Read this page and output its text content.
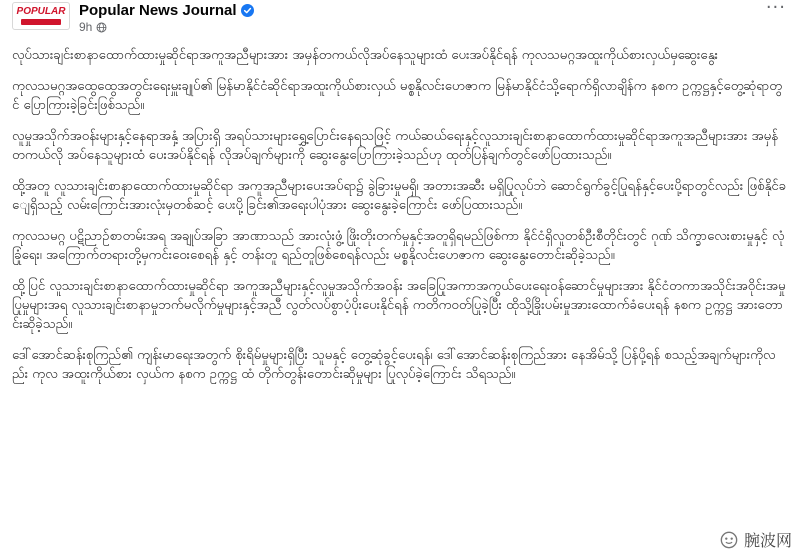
POPULAR Popular News Journal
9h
···

လုပ်သားချင်းစာနာထောက်ထားမှုဆိုင်ရာအကူအညီများအား အမှန်တကယ်လိုအပ်နေသူများထံ ပေးအပ်နိုင်ရန် ကုလသမဂ္ဂအထူးကိုယ်စားလှယ်မှဆွေးနွေး

ကုလသမဂ္ဂအထွေထွေအတွင်းရေးမှူးချုပ်၏ မြန်မာနိုင်ငံဆိုင်ရာအထူးကိုယ်စားလှယ် မစ္စနိုလင်းဟေဇာက မြန်မာနိုင်ငံသို့ရောက်ရှိလာချိန်က နစက ဥက္ကဋ္ဌနှင့်တွေ့ဆုံရာတွင် ပြောကြားခဲ့ခြင်းဖြစ်သည်။

လူမှုအသိုက်အဝန်းများနှင့်နေရာအနှံ့ အပြားရှိ အရပ်သားများရွှေ့ပြောင်းနေရသဖြင့် ကယ်ဆယ်ရေးနှင့်လူသားချင်းစာနာထောက်ထားမှုဆိုင်ရာအကူအညီများအား အမှန်တကယ်လို အပ်နေသူများထံ ပေးအပ်နိုင်ရန် လိုအပ်ချက်များကို ဆွေးနွေးပြောကြားခဲ့သည်ဟု ထုတ်ပြန်ချက်တွင်ဖော်ပြထားသည်။

ထို့အတူ လူသားချင်းစာနာထောက်ထားမှုဆိုင်ရာ အကူအညီများပေးအပ်ရာ၌ ခွဲခြားမှုမရှိ၊ အတားအဆီး မရှိပြုလုပ်ဘဲ ဆောင်ရွက်ခွင့်ပြုရန်နှင့်ပေးပို့ရာတွင်လည်း ဖြစ်နိုင်ချေရှိသည့် လမ်းကြောင်းအားလုံးမှတစ်ဆင့် ပေးပို့ခြင်း၏အရေးပါပုံအား ဆွေးနွေးခဲ့ကြောင်း ဖော်ပြထားသည်။

ကုလသမဂ္ဂ ပဋိညာဉ်စာတမ်းအရ အချုပ်အခြာ အာဏာသည် အားလုံးဖွံ့ ဖြိုးတိုးတက်မှုနှင့်အတူရှိရမည်ဖြစ်ကာ နိုင်ငံရှိလူတစ်ဦးစီတိုင်းတွင် ဂုဏ် သိက္ခာလေးစားမှုနှင့် လုံခြုံရေး၊ အကြောက်တရားတို့မှကင်းဝေးစေရန် နှင့် တန်းတူ ရည်တူဖြစ်စေရန်လည်း မစ္စနိုလင်းဟေဇာက ဆွေးနွေးတောင်းဆိုခဲ့သည်။

ထို့ပြင် လူသားချင်းစာနာထောက်ထားမှုဆိုင်ရာ အကူအညီများနှင့်လူမှုအသိုက်အဝန်း အခြေပြုအကာအကွယ်ပေးရေးဝန်ဆောင်မှုများအား နိုင်ငံတကာအသိုင်းအဝိုင်းအမှုပြုမှုများအရ လူသားချင်းစာနာမှုဘက်မလိုက်မှုများနှင့်အညီ လွတ်လပ်စွာပံ့ပိုးပေးနိုင်ရန် ကတိကဝတ်ပြုခဲ့ပြီး ထိုသို့ခြိုးပမ်းမှုအားထောက်ခံပေးရန် နစက ဥက္ကဋ္ဌ အားတောင်းဆိုခဲ့သည်။

ဒေါ်အောင်ဆန်းစုကြည်၏ ကျန်းမာရေးအတွက် စိုးရိမ်မှုများရှိပြီး သူမနှင့် တွေ့ဆုံခွင့်ပေးရန်၊ ဒေါ်အောင်ဆန်းစုကြည်အား နေအိမ်သို့ ပြန်ပို့ရန် စသည့်အချက်များကိုလည်း ကုလ အထူးကိုယ်စား လှယ်က နစက ဥက္ကဋ္ဌ ထံ တိုက်တွန်းတောင်းဆိုမှုများ ပြုလုပ်ခဲ့ကြောင်း သိရသည်။

腕波网
